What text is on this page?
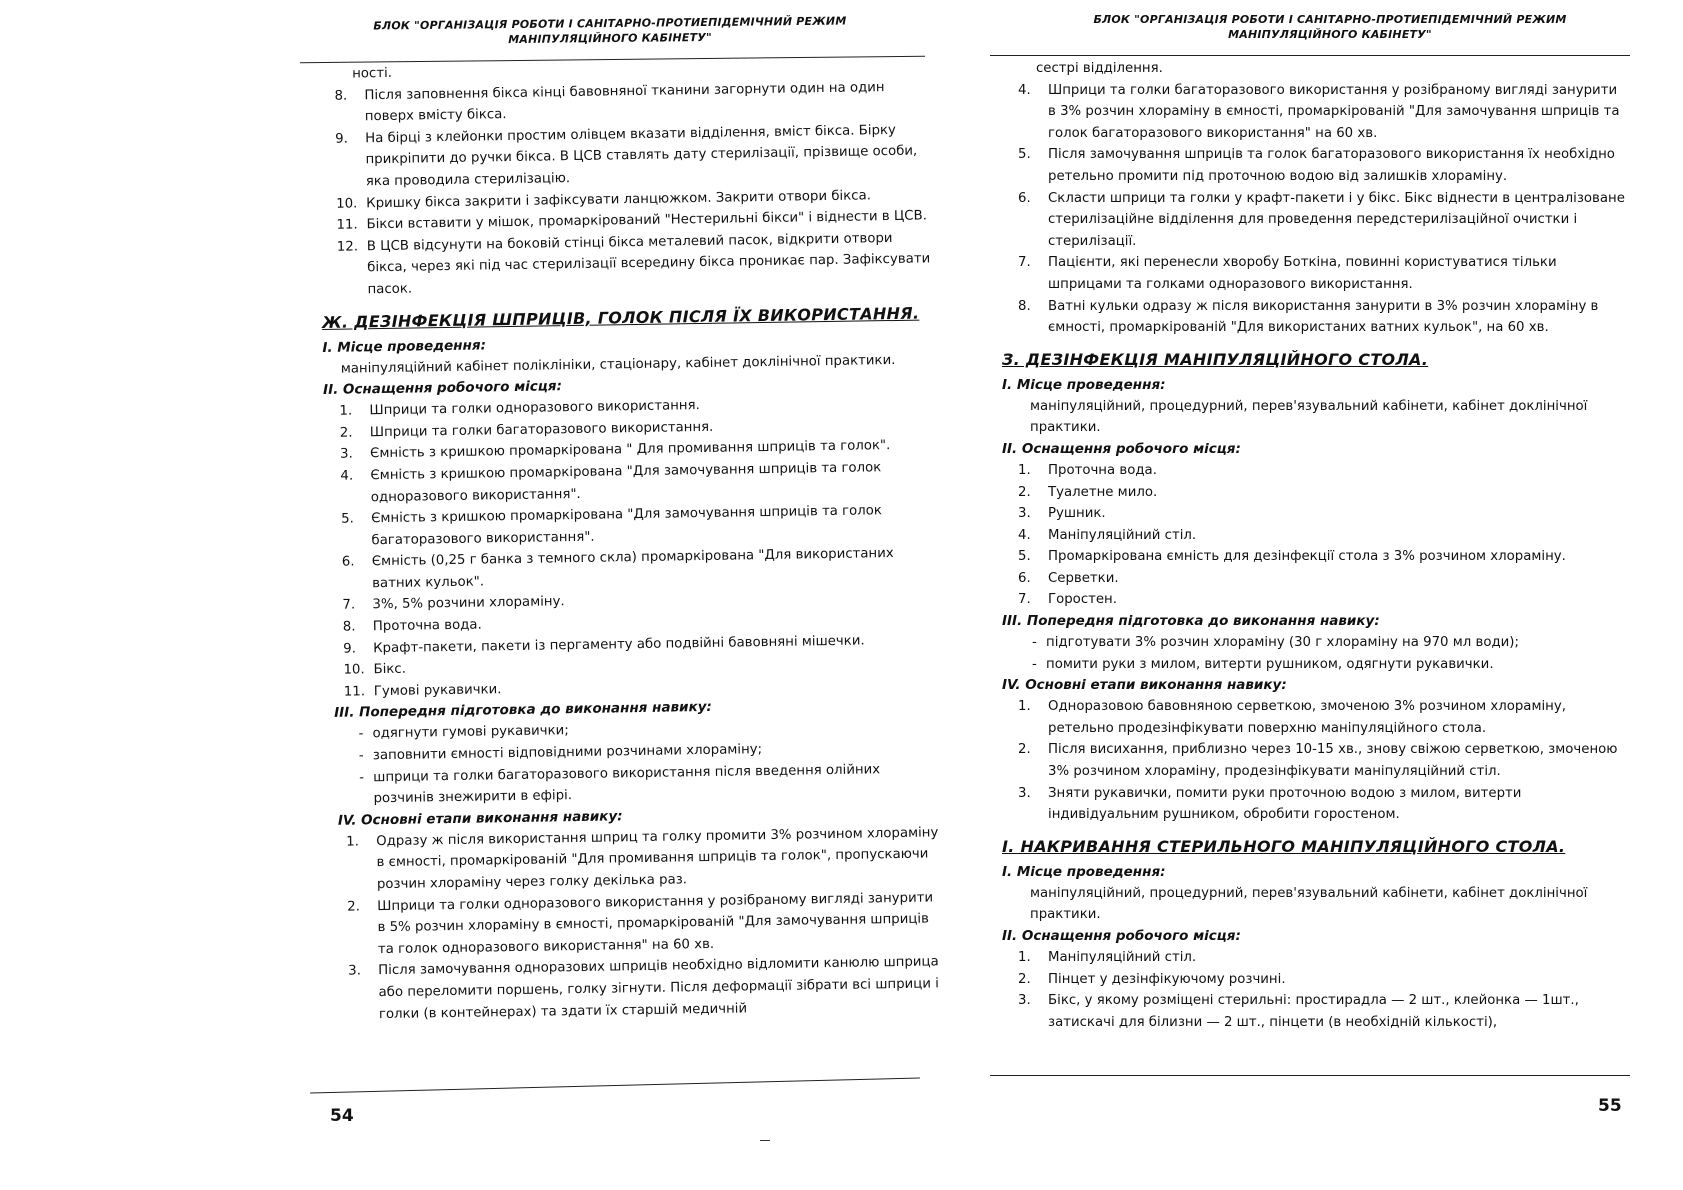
БЛОК "ОРГАНІЗАЦІЯ РОБОТИ І САНІТАРНО-ПРОТИЕПІДЕМІЧНИЙ РЕЖИМ
МАНІПУЛЯЦІЙНОГО КАБІНЕТУ"

ності.

8. Після заповнення бікса кінці бавовняної тканини загорнути один на один поверх вмісту бікса.
9. На бірці з клейонки простим олівцем вказати відділення, вміст бікса. Бірку прикріпити до ручки бікса. В ЦСВ ставлять дату стерилізації, прізвище особи, яка проводила стерилізацію.
10. Кришку бікса закрити і зафіксувати ланцюжком. Закрити отвори бікса.
11. Бікси вставити у мішок, промаркірований "Нестерильні бікси" і віднести в ЦСВ.
12. В ЦСВ відсунути на боковій стінці бікса металевий пасок, відкрити отвори бікса, через які під час стерилізації всередину бікса проникає пар. Зафіксувати пасок.
Ж. ДЕЗІНФЕКЦІЯ ШПРИЦІВ, ГОЛОК ПІСЛЯ ЇХ ВИКОРИСТАННЯ.

І. Місце проведення:

маніпуляційний кабінет поліклініки, стаціонару, кабінет доклінічної практики.

ІІ. Оснащення робочого місця:

1. Шприци та голки одноразового використання.
2. Шприци та голки багаторазового використання.
3. Ємність з кришкою промаркірована " Для промивання шприців та голок".
4. Ємність з кришкою промаркірована "Для замочування шприців та голок одноразового використання".
5. Ємність з кришкою промаркірована "Для замочування шприців та голок багаторазового використання".
6. Ємність (0,25 г банка з темного скла) промаркірована "Для використаних ватних кульок".
7. 3%, 5% розчини хлораміну.
8. Проточна вода.
9. Крафт-пакети, пакети із пергаменту або подвійні бавовняні мішечки.
10. Бікс.
11. Гумові рукавички.

ІІІ. Попередня підготовка до виконання навику:

- одягнути гумові рукавички;
- заповнити ємності відповідними розчинами хлораміну;
- шприци та голки багаторазового використання після введення олійних розчинів знежирити в ефірі.

IV. Основні етапи виконання навику:

1. Одразу ж після використання шприц та голку промити 3% розчином хлораміну в ємності, промаркірованій "Для промивання шприців та голок", пропускаючи розчин хлораміну через голку декілька раз.
2. Шприци та голки одноразового використання у розібраному вигляді занурити в 5% розчин хлораміну в ємності, промаркірованій "Для замочування шприців та голок одноразового використання" на 60 хв.
3. Після замочування одноразових шприців необхідно відломити канюлю шприца або переломити поршень, голку зігнути. Після деформації зібрати всі шприци і голки (в контейнерах) та здати їх старшій медичній
54
БЛОК "ОРГАНІЗАЦІЯ РОБОТИ І САНІТАРНО-ПРОТИЕПІДЕМІЧНИЙ РЕЖИМ
МАНІПУЛЯЦІЙНОГО КАБІНЕТУ"

сестрі відділення.

4. Шприци та голки багаторазового використання у розібраному вигляді занурити в 3% розчин хлораміну в ємності, промаркірованій "Для замочування шприців та голок багаторазового використання" на 60 хв.
5. Після замочування шприців та голок багаторазового використання їх необхідно ретельно промити під проточною водою від залишків хлораміну.
6. Скласти шприци та голки у крафт-пакети і у бікс. Бікс віднести в централізоване стерилізаційне відділення для проведення передстерилізаційної очистки і стерилізації.
7. Пацієнти, які перенесли хворобу Боткіна, повинні користуватися тільки шприцами та голками одноразового використання.
8. Ватні кульки одразу ж після використання занурити в 3% розчин хлораміну в ємності, промаркірованій "Для використаних ватних кульок", на 60 хв.
З. ДЕЗІНФЕКЦІЯ МАНІПУЛЯЦІЙНОГО СТОЛА.

І. Місце проведення:

маніпуляційний, процедурний, перев'язувальний кабінети, кабінет доклінічної практики.

ІІ. Оснащення робочого місця:

1. Проточна вода.
2. Туалетне мило.
3. Рушник.
4. Маніпуляційний стіл.
5. Промаркірована ємність для дезінфекції стола з 3% розчином хлораміну.
6. Серветки.
7. Горостен.

ІІІ. Попередня підготовка до виконання навику:

- підготувати 3% розчин хлораміну (30 г хлораміну на 970 мл води);
- помити руки з милом, витерти рушником, одягнути рукавички.

IV. Основні етапи виконання навику:

1. Одноразовою бавовняною серветкою, змоченою 3% розчином хлораміну, ретельно продезінфікувати поверхню маніпуляційного стола.
2. Після висихання, приблизно через 10-15 хв., знову свіжою серветкою, змоченою 3% розчином хлораміну, продезінфікувати маніпуляційний стіл.
3. Зняти рукавички, помити руки проточною водою з милом, витерти індивідуальним рушником, обробити горостеном.
І. НАКРИВАННЯ СТЕРИЛЬНОГО МАНІПУЛЯЦІЙНОГО СТОЛА.

І. Місце проведення:

маніпуляційний, процедурний, перев'язувальний кабінети, кабінет доклінічної практики.

ІІ. Оснащення робочого місця:

1. Маніпуляційний стіл.
2. Пінцет у дезінфікуючому розчині.
3. Бікс, у якому розміщені стерильні: простирадла — 2 шт., клейонка — 1шт., затискачі для білизни — 2 шт., пінцети (в необхідній кількості),
55
